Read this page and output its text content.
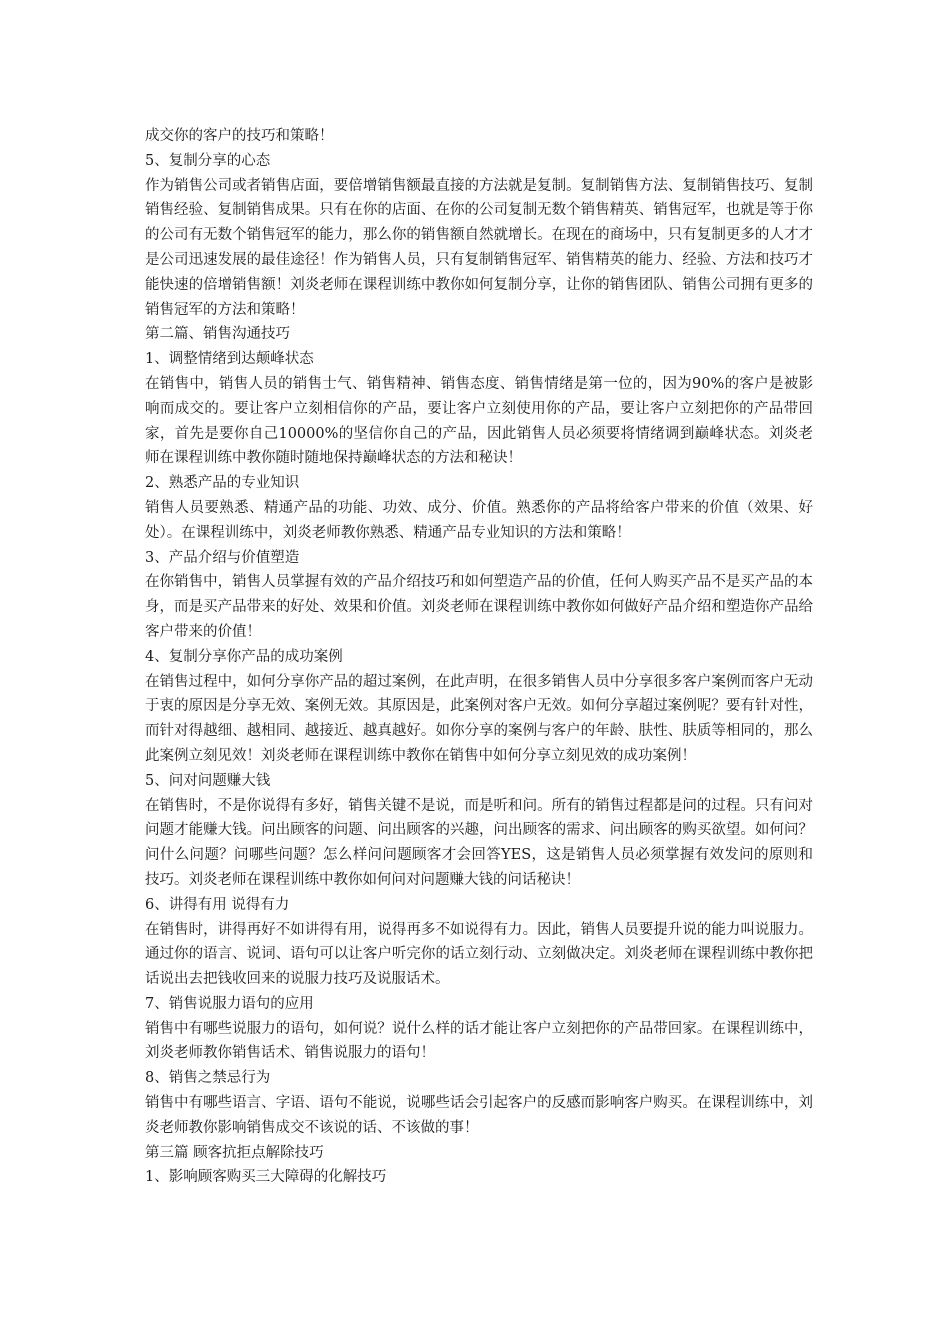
成交你的客户的技巧和策略！

5、复制分享的心态

作为销售公司或者销售店面，要倍增销售额最直接的方法就是复制。复制销售方法、复制销售技巧、复制销售经验、复制销售成果。只有在你的店面、在你的公司复制无数个销售精英、销售冠军，也就是等于你的公司有无数个销售冠军的能力，那么你的销售额自然就增长。在现在的商场中，只有复制更多的人才才是公司迅速发展的最佳途径！作为销售人员，只有复制销售冠军、销售精英的能力、经验、方法和技巧才能快速的倍增销售额！刘炎老师在课程训练中教你如何复制分享，让你的销售团队、销售公司拥有更多的销售冠军的方法和策略！

第二篇、销售沟通技巧

1、调整情绪到达颠峰状态

在销售中，销售人员的销售士气、销售精神、销售态度、销售情绪是第一位的，因为90%的客户是被影响而成交的。要让客户立刻相信你的产品，要让客户立刻使用你的产品，要让客户立刻把你的产品带回家，首先是要你自己10000%的坚信你自己的产品，因此销售人员必须要将情绪调到巅峰状态。刘炎老师在课程训练中教你随时随地保持巅峰状态的方法和秘诀！

2、熟悉产品的专业知识

销售人员要熟悉、精通产品的功能、功效、成分、价值。熟悉你的产品将给客户带来的价值（效果、好处）。在课程训练中，刘炎老师教你熟悉、精通产品专业知识的方法和策略！

3、产品介绍与价值塑造

在你销售中，销售人员掌握有效的产品介绍技巧和如何塑造产品的价值，任何人购买产品不是买产品的本身，而是买产品带来的好处、效果和价值。刘炎老师在课程训练中教你如何做好产品介绍和塑造你产品给客户带来的价值！

4、复制分享你产品的成功案例

在销售过程中，如何分享你产品的超过案例，在此声明，在很多销售人员中分享很多客户案例而客户无动于衷的原因是分享无效、案例无效。其原因是，此案例对客户无效。如何分享超过案例呢？要有针对性，而针对得越细、越相同、越接近、越真越好。如你分享的案例与客户的年龄、肤性、肤质等相同的，那么此案例立刻见效！刘炎老师在课程训练中教你在销售中如何分享立刻见效的成功案例！

5、问对问题赚大钱

在销售时，不是你说得有多好，销售关键不是说，而是听和问。所有的销售过程都是问的过程。只有问对问题才能赚大钱。问出顾客的问题、问出顾客的兴趣，问出顾客的需求、问出顾客的购买欲望。如何问？问什么问题？问哪些问题？怎么样问问题顾客才会回答YES，这是销售人员必须掌握有效发问的原则和技巧。刘炎老师在课程训练中教你如何问对问题赚大钱的问话秘诀！

6、讲得有用 说得有力

在销售时，讲得再好不如讲得有用，说得再多不如说得有力。因此，销售人员要提升说的能力叫说服力。通过你的语言、说词、语句可以让客户听完你的话立刻行动、立刻做决定。刘炎老师在课程训练中教你把话说出去把钱收回来的说服力技巧及说服话术。

7、销售说服力语句的应用

销售中有哪些说服力的语句，如何说？说什么样的话才能让客户立刻把你的产品带回家。在课程训练中，刘炎老师教你销售话术、销售说服力的语句！

8、销售之禁忌行为

销售中有哪些语言、字语、语句不能说，说哪些话会引起客户的反感而影响客户购买。在课程训练中，刘炎老师教你影响销售成交不该说的话、不该做的事！

第三篇 顾客抗拒点解除技巧

1、影响顾客购买三大障碍的化解技巧
